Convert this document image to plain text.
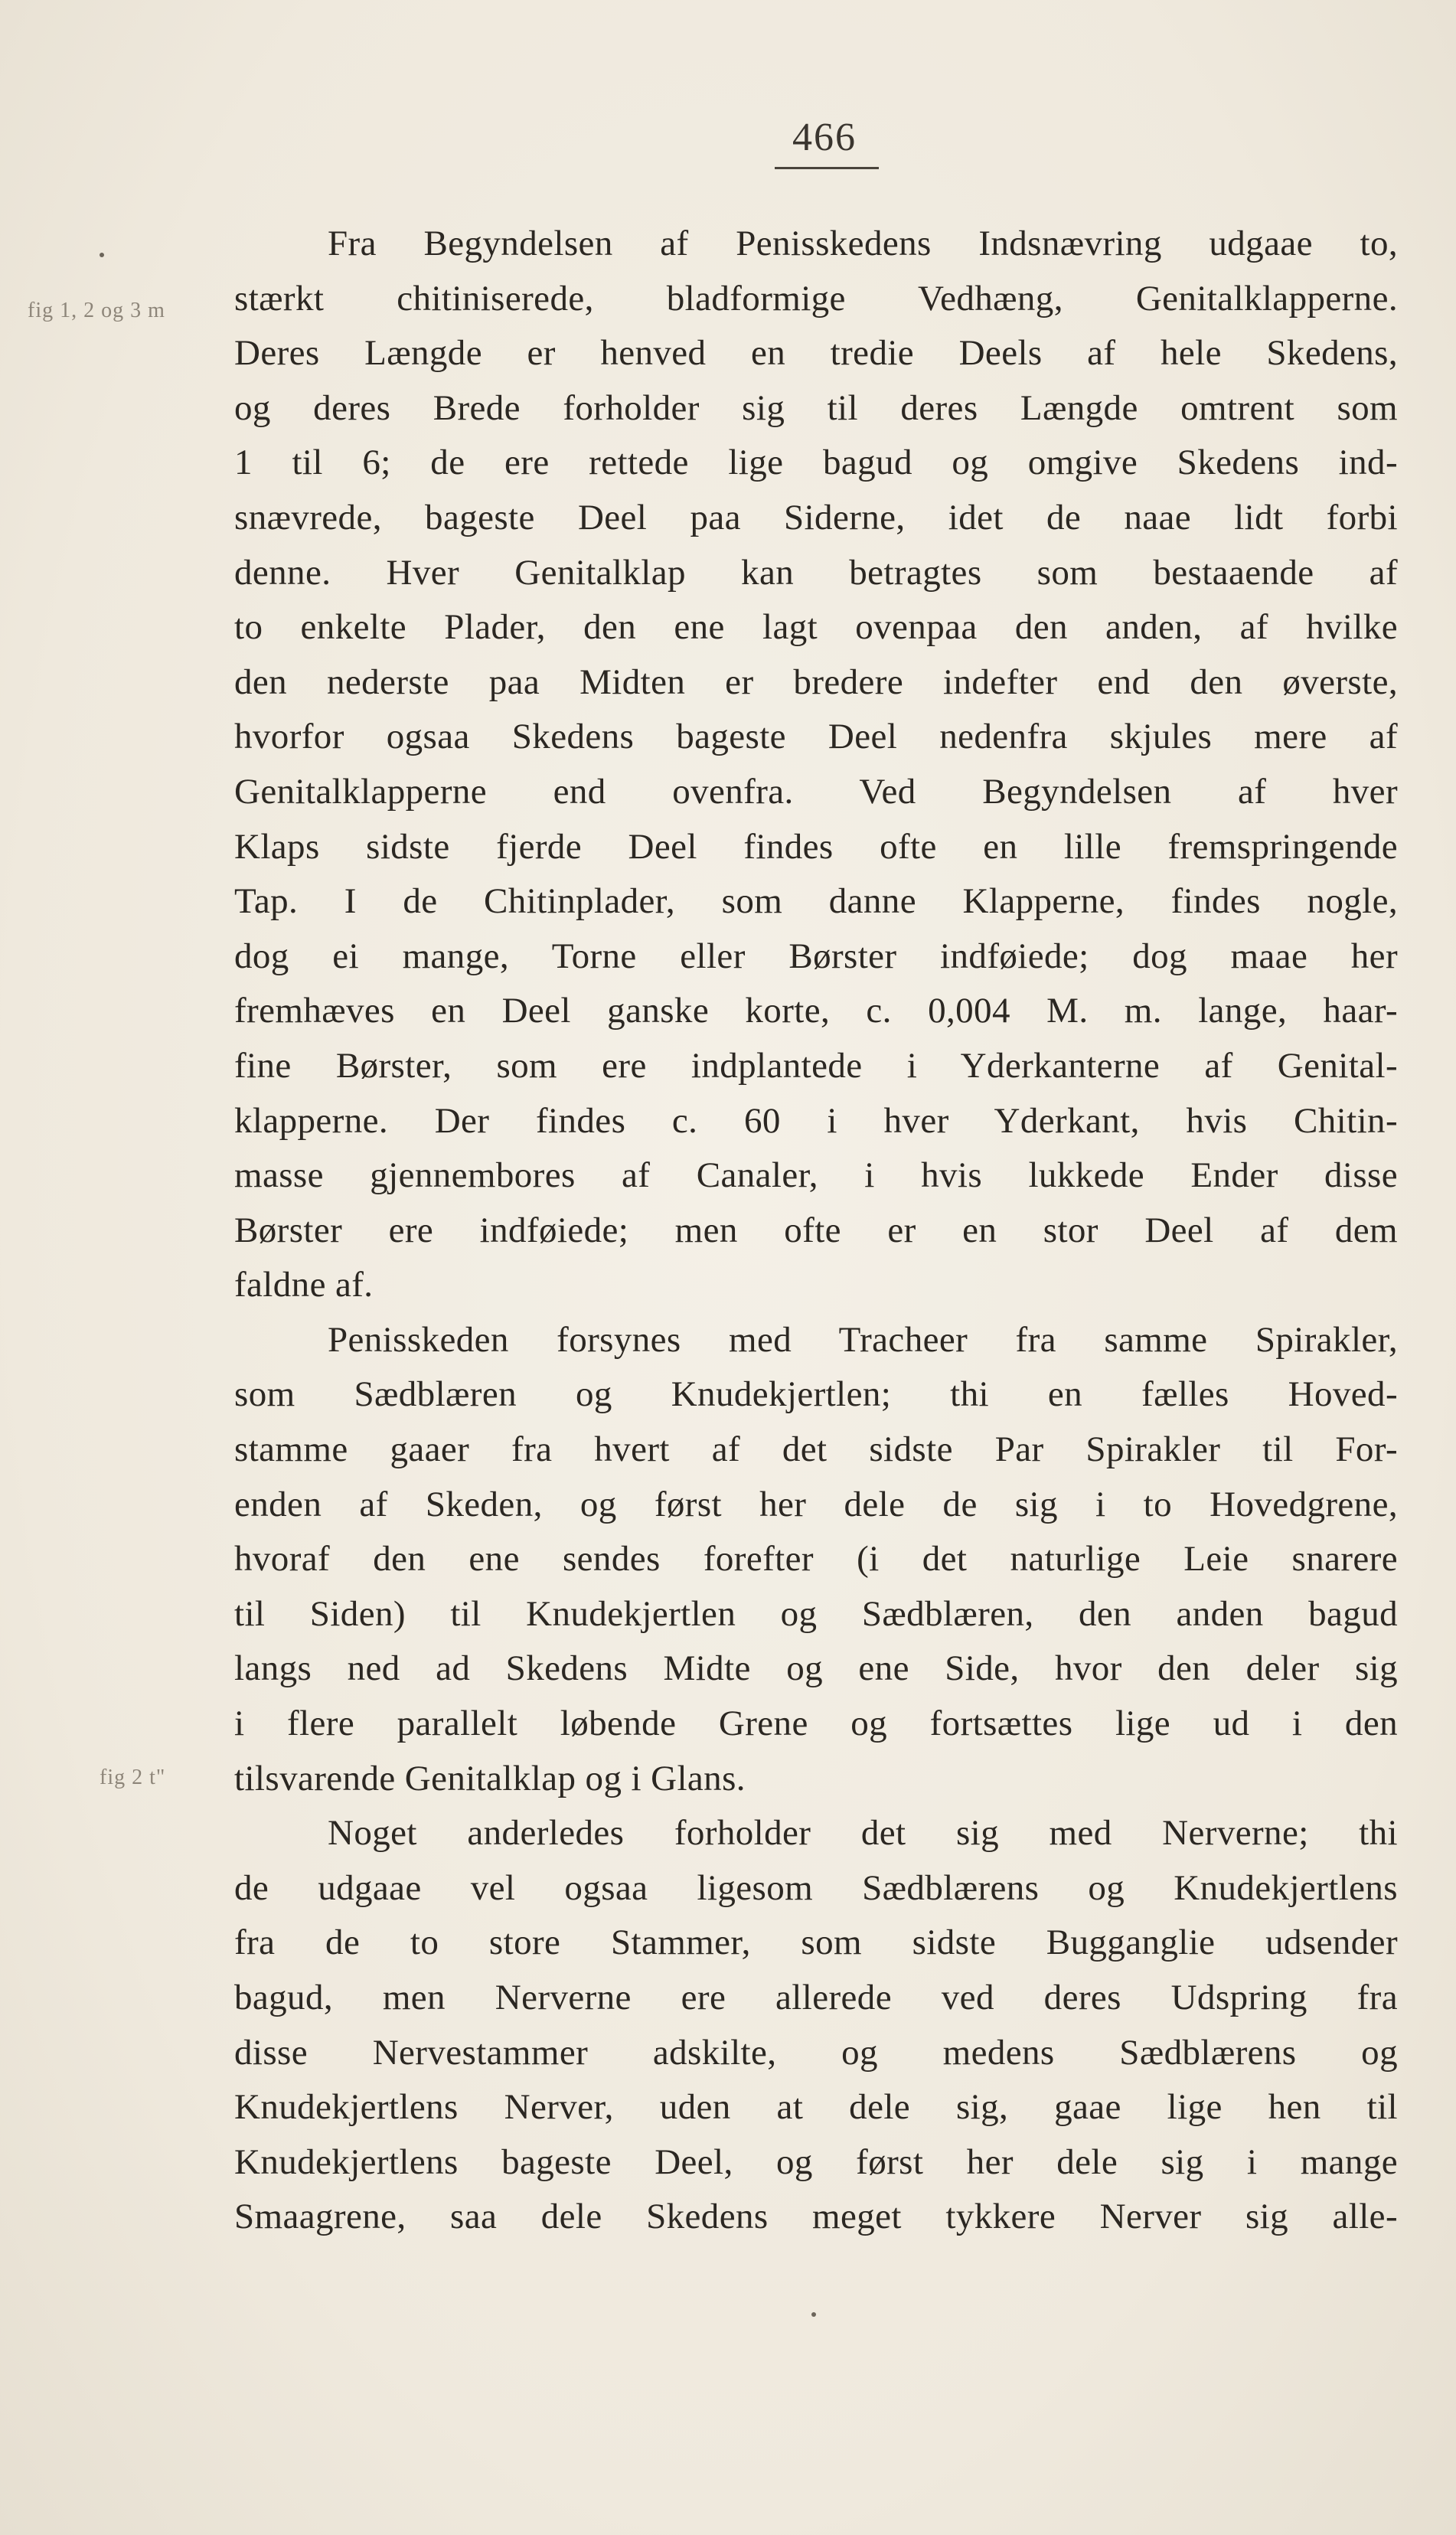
466
fig 1, 2 og 3 m
fig 2 t"
Fra Begyndelsen af Penisskedens Indsnævring udgaae to,
stærkt chitiniserede, bladformige Vedhæng, Genitalklapperne.
Deres Længde er henved en tredie Deels af hele Skedens,
og deres Brede forholder sig til deres Længde omtrent som
1 til 6; de ere rettede lige bagud og omgive Skedens ind-
snævrede, bageste Deel paa Siderne, idet de naae lidt forbi
denne. Hver Genitalklap kan betragtes som bestaaende af
to enkelte Plader, den ene lagt ovenpaa den anden, af hvilke
den nederste paa Midten er bredere indefter end den øverste,
hvorfor ogsaa Skedens bageste Deel nedenfra skjules mere af
Genitalklapperne end ovenfra. Ved Begyndelsen af hver
Klaps sidste fjerde Deel findes ofte en lille fremspringende
Tap. I de Chitinplader, som danne Klapperne, findes nogle,
dog ei mange, Torne eller Børster indføiede; dog maae her
fremhæves en Deel ganske korte, c. 0,004 M. m. lange, haar-
fine Børster, som ere indplantede i Yderkanterne af Genital-
klapperne. Der findes c. 60 i hver Yderkant, hvis Chitin-
masse gjennembores af Canaler, i hvis lukkede Ender disse
Børster ere indføiede; men ofte er en stor Deel af dem
faldne af.
Penisskeden forsynes med Tracheer fra samme Spirakler,
som Sædblæren og Knudekjertlen; thi en fælles Hoved-
stamme gaaer fra hvert af det sidste Par Spirakler til For-
enden af Skeden, og først her dele de sig i to Hovedgrene,
hvoraf den ene sendes forefter (i det naturlige Leie snarere
til Siden) til Knudekjertlen og Sædblæren, den anden bagud
langs ned ad Skedens Midte og ene Side, hvor den deler sig
i flere parallelt løbende Grene og fortsættes lige ud i den
tilsvarende Genitalklap og i Glans.
Noget anderledes forholder det sig med Nerverne; thi
de udgaae vel ogsaa ligesom Sædblærens og Knudekjertlens
fra de to store Stammer, som sidste Bugganglie udsender
bagud, men Nerverne ere allerede ved deres Udspring fra
disse Nervestammer adskilte, og medens Sædblærens og
Knudekjertlens Nerver, uden at dele sig, gaae lige hen til
Knudekjertlens bageste Deel, og først her dele sig i mange
Smaagrene, saa dele Skedens meget tykkere Nerver sig alle-
